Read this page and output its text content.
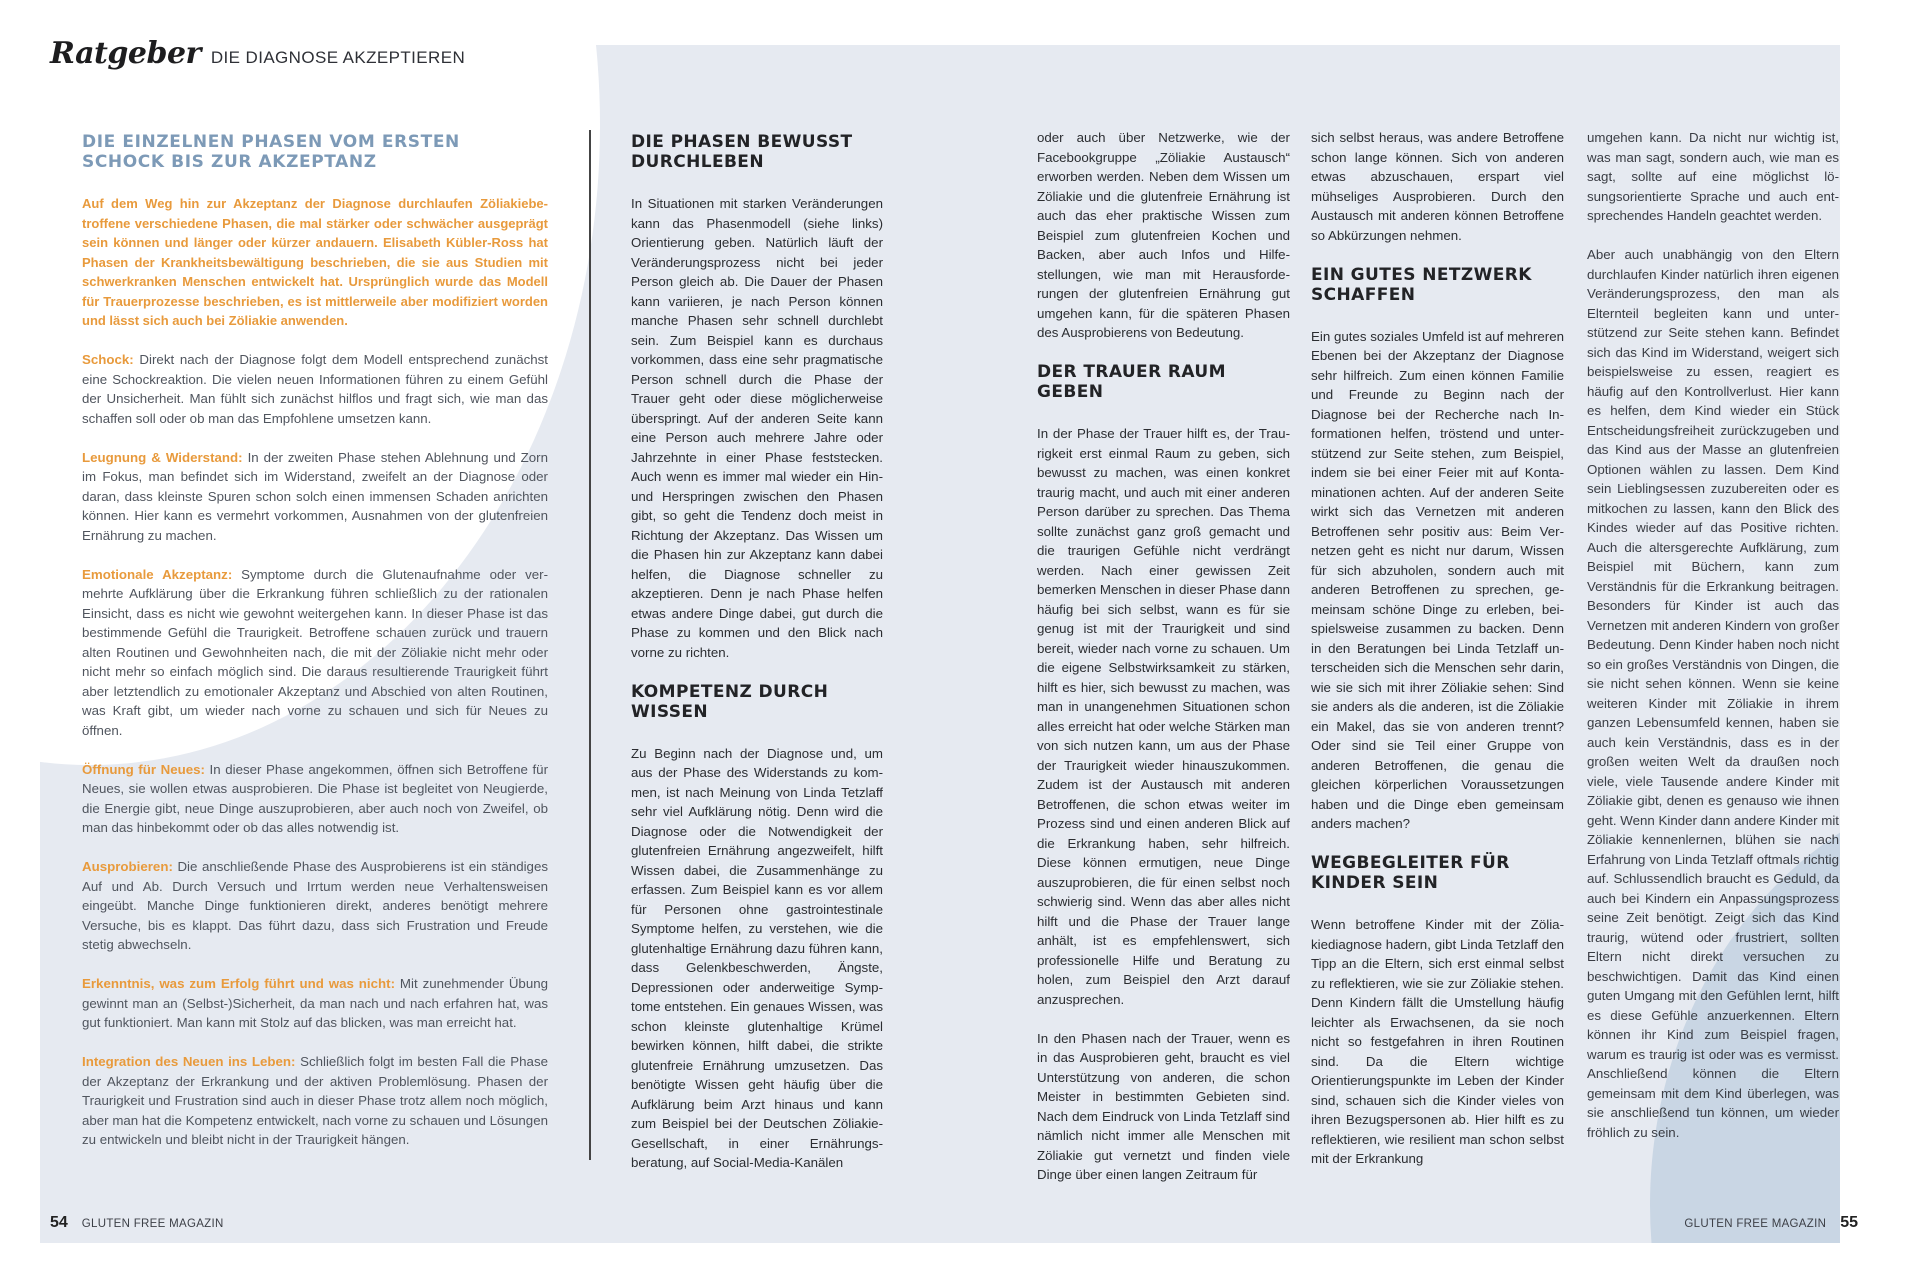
Ratgeber DIE DIAGNOSE AKZEPTIEREN
DIE EINZELNEN PHASEN VOM ERSTEN SCHOCK BIS ZUR AKZEPTANZ

Auf dem Weg hin zur Akzeptanz der Diagnose durchlaufen Zöliakiebetroffene verschiedene Phasen, die mal stärker oder schwächer ausgeprägt sein können und länger oder kürzer andauern. Elisabeth Kübler-Ross hat Phasen der Krankheitsbewältigung beschrieben, die sie aus Studien mit schwerkranken Menschen entwickelt hat. Ursprünglich wurde das Modell für Trauerprozesse beschrieben, es ist mittlerweile aber modifiziert worden und lässt sich auch bei Zöliakie anwenden.

Schock: Direkt nach der Diagnose folgt dem Modell entsprechend zunächst eine Schockreaktion. Die vielen neuen Informationen führen zu einem Gefühl der Unsicherheit. Man fühlt sich zunächst hilflos und fragt sich, wie man das schaffen soll oder ob man das Empfohlene umsetzen kann.

Leugnung & Widerstand: In der zweiten Phase stehen Ablehnung und Zorn im Fokus, man befindet sich im Widerstand, zweifelt an der Diagnose oder daran, dass kleinste Spuren schon solch einen immensen Schaden anrichten können. Hier kann es vermehrt vorkommen, Ausnahmen von der glutenfreien Ernährung zu machen.

Emotionale Akzeptanz: Symptome durch die Glutenaufnahme oder vermehrte Aufklärung über die Erkrankung führen schließlich zu der rationalen Einsicht, dass es nicht wie gewohnt weitergehen kann. In dieser Phase ist das bestimmende Gefühl die Traurigkeit. Betroffene schauen zurück und trauern alten Routinen und Gewohnheiten nach, die mit der Zöliakie nicht mehr oder nicht mehr so einfach möglich sind. Die daraus resultierende Traurigkeit führt aber letztendlich zu emotionaler Akzeptanz und Abschied von alten Routinen, was Kraft gibt, um wieder nach vorne zu schauen und sich für Neues zu öffnen.

Öffnung für Neues: In dieser Phase angekommen, öffnen sich Betroffene für Neues, sie wollen etwas ausprobieren. Die Phase ist begleitet von Neugierde, die Energie gibt, neue Dinge auszuprobieren, aber auch noch von Zweifel, ob man das hinbekommt oder ob das alles notwendig ist.

Ausprobieren: Die anschließende Phase des Ausprobierens ist ein ständiges Auf und Ab. Durch Versuch und Irrtum werden neue Verhaltensweisen eingeübt. Manche Dinge funktionieren direkt, anderes benötigt mehrere Versuche, bis es klappt. Das führt dazu, dass sich Frustration und Freude stetig abwechseln.

Erkenntnis, was zum Erfolg führt und was nicht: Mit zunehmender Übung gewinnt man an (Selbst-)Sicherheit, da man nach und nach erfahren hat, was gut funktioniert. Man kann mit Stolz auf das blicken, was man erreicht hat.

Integration des Neuen ins Leben: Schließlich folgt im besten Fall die Phase der Akzeptanz der Erkrankung und der aktiven Problemlösung. Phasen der Traurigkeit und Frustration sind auch in dieser Phase trotz allem noch möglich, aber man hat die Kompetenz entwickelt, nach vorne zu schauen und Lösungen zu entwickeln und bleibt nicht in der Traurigkeit hängen.

DIE PHASEN BEWUSST DURCHLEBEN

In Situationen mit starken Veränderungen kann das Phasenmodell (siehe links) Orientierung geben. Natürlich läuft der Veränderungsprozess nicht bei jeder Person gleich ab. Die Dauer der Phasen kann variieren, je nach Person können manche Phasen sehr schnell durchlebt sein. Zum Beispiel kann es durchaus vorkommen, dass eine sehr pragmatische Person schnell durch die Phase der Trauer geht oder diese möglicherweise überspringt. Auf der anderen Seite kann eine Person auch mehrere Jahre oder Jahrzehnte in einer Phase feststecken. Auch wenn es immer mal wieder ein Hin- und Herspringen zwischen den Phasen gibt, so geht die Tendenz doch meist in Richtung der Akzeptanz. Das Wissen um die Phasen hin zur Akzeptanz kann dabei helfen, die Diagnose schneller zu akzeptieren. Denn je nach Phase helfen etwas andere Dinge dabei, gut durch die Phase zu kommen und den Blick nach vorne zu richten.

KOMPETENZ DURCH WISSEN

Zu Beginn nach der Diagnose und, um aus der Phase des Widerstands zu kommen, ist nach Meinung von Linda Tetzlaff sehr viel Aufklärung nötig. Denn wird die Diagnose oder die Notwendigkeit der glutenfreien Ernährung angezweifelt, hilft Wissen dabei, die Zusammenhänge zu erfassen. Zum Beispiel kann es vor allem für Personen ohne gastrointestinale Symptome helfen, zu verstehen, wie die glutenhaltige Ernährung dazu führen kann, dass Gelenkbeschwerden, Ängste, Depressionen oder anderweitige Symptome entstehen. Ein genaues Wissen, was schon kleinste glutenhaltige Krümel bewirken können, hilft dabei, die strikte glutenfreie Ernährung umzusetzen. Das benötigte Wissen geht häufig über die Aufklärung beim Arzt hinaus und kann zum Beispiel bei der Deutschen Zöliakie-Gesellschaft, in einer Ernährungsberatung, auf Social-Media-Kanälen

oder auch über Netzwerke, wie der Facebookgruppe „Zöliakie Austausch“ erworben werden. Neben dem Wissen um Zöliakie und die glutenfreie Ernährung ist auch das eher praktische Wissen zum Beispiel zum glutenfreien Kochen und Backen, aber auch Infos und Hilfestellungen, wie man mit Herausforderungen der glutenfreien Ernährung gut umgehen kann, für die späteren Phasen des Ausprobierens von Bedeutung.

DER TRAUER RAUM GEBEN

In der Phase der Trauer hilft es, der Traurigkeit erst einmal Raum zu geben, sich bewusst zu machen, was einen konkret traurig macht, und auch mit einer anderen Person darüber zu sprechen. Das Thema sollte zunächst ganz groß gemacht und die traurigen Gefühle nicht verdrängt werden. Nach einer gewissen Zeit bemerken Menschen in dieser Phase dann häufig bei sich selbst, wann es für sie genug ist mit der Traurigkeit und sind bereit, wieder nach vorne zu schauen. Um die eigene Selbstwirksamkeit zu stärken, hilft es hier, sich bewusst zu machen, was man in unangenehmen Situationen schon alles erreicht hat oder welche Stärken man von sich nutzen kann, um aus der Phase der Traurigkeit wieder hinauszukommen. Zudem ist der Austausch mit anderen Betroffenen, die schon etwas weiter im Prozess sind und einen anderen Blick auf die Erkrankung haben, sehr hilfreich. Diese können ermutigen, neue Dinge auszuprobieren, die für einen selbst noch schwierig sind. Wenn das aber alles nicht hilft und die Phase der Trauer lange anhält, ist es empfehlenswert, sich professionelle Hilfe und Beratung zu holen, zum Beispiel den Arzt darauf anzusprechen.

In den Phasen nach der Trauer, wenn es in das Ausprobieren geht, braucht es viel Unterstützung von anderen, die schon Meister in bestimmten Gebieten sind. Nach dem Eindruck von Linda Tetzlaff sind nämlich nicht immer alle Menschen mit Zöliakie gut vernetzt und finden viele Dinge über einen langen Zeitraum für

sich selbst heraus, was andere Betroffene schon lange können. Sich von anderen etwas abzuschauen, erspart viel mühseliges Ausprobieren. Durch den Austausch mit anderen können Betroffene so Abkürzungen nehmen.

EIN GUTES NETZWERK SCHAFFEN

Ein gutes soziales Umfeld ist auf mehreren Ebenen bei der Akzeptanz der Diagnose sehr hilfreich. Zum einen können Familie und Freunde zu Beginn nach der Diagnose bei der Recherche nach Informationen helfen, tröstend und unterstützend zur Seite stehen, zum Beispiel, indem sie bei einer Feier mit auf Kontaminationen achten. Auf der anderen Seite wirkt sich das Vernetzen mit anderen Betroffenen sehr positiv aus: Beim Vernetzen geht es nicht nur darum, Wissen für sich abzuholen, sondern auch mit anderen Betroffenen zu sprechen, gemeinsam schöne Dinge zu erleben, beispielsweise zusammen zu backen. Denn in den Beratungen bei Linda Tetzlaff unterscheiden sich die Menschen sehr darin, wie sie sich mit ihrer Zöliakie sehen: Sind sie anders als die anderen, ist die Zöliakie ein Makel, das sie von anderen trennt? Oder sind sie Teil einer Gruppe von anderen Betroffenen, die genau die gleichen körperlichen Voraussetzungen haben und die Dinge eben gemeinsam anders machen?

WEGBEGLEITER FÜR KINDER SEIN

Wenn betroffene Kinder mit der Zöliakiediagnose hadern, gibt Linda Tetzlaff den Tipp an die Eltern, sich erst einmal selbst zu reflektieren, wie sie zur Zöliakie stehen. Denn Kindern fällt die Umstellung häufig leichter als Erwachsenen, da sie noch nicht so festgefahren in ihren Routinen sind. Da die Eltern wichtige Orientierungspunkte im Leben der Kinder sind, schauen sich die Kinder vieles von ihren Bezugspersonen ab. Hier hilft es zu reflektieren, wie resilient man schon selbst mit der Erkrankung

umgehen kann. Da nicht nur wichtig ist, was man sagt, sondern auch, wie man es sagt, sollte auf eine möglichst lösungsorientierte Sprache und auch entsprechendes Handeln geachtet werden.

Aber auch unabhängig von den Eltern durchlaufen Kinder natürlich ihren eigenen Veränderungsprozess, den man als Elternteil begleiten kann und unterstützend zur Seite stehen kann. Befindet sich das Kind im Widerstand, weigert sich beispielsweise zu essen, reagiert es häufig auf den Kontrollverlust. Hier kann es helfen, dem Kind wieder ein Stück Entscheidungsfreiheit zurückzugeben und das Kind aus der Masse an glutenfreien Optionen wählen zu lassen. Dem Kind sein Lieblingsessen zuzubereiten oder es mitkochen zu lassen, kann den Blick des Kindes wieder auf das Positive richten. Auch die altersgerechte Aufklärung, zum Beispiel mit Büchern, kann zum Verständnis für die Erkrankung beitragen. Besonders für Kinder ist auch das Vernetzen mit anderen Kindern von großer Bedeutung. Denn Kinder haben noch nicht so ein großes Verständnis von Dingen, die sie nicht sehen können. Wenn sie keine weiteren Kinder mit Zöliakie in ihrem ganzen Lebensumfeld kennen, haben sie auch kein Verständnis, dass es in der großen weiten Welt da draußen noch viele, viele Tausende andere Kinder mit Zöliakie gibt, denen es genauso wie ihnen geht. Wenn Kinder dann andere Kinder mit Zöliakie kennenlernen, blühen sie nach Erfahrung von Linda Tetzlaff oftmals richtig auf. Schlussendlich braucht es Geduld, da auch bei Kindern ein Anpassungsprozess seine Zeit benötigt. Zeigt sich das Kind traurig, wütend oder frustriert, sollten Eltern nicht direkt versuchen zu beschwichtigen. Damit das Kind einen guten Umgang mit den Gefühlen lernt, hilft es diese Gefühle anzuerkennen. Eltern können ihr Kind zum Beispiel fragen, warum es traurig ist oder was es vermisst. Anschließend können die Eltern gemeinsam mit dem Kind überlegen, was sie anschließend tun können, um wieder fröhlich zu sein.

54 GLUTEN FREE MAGAZIN	GLUTEN FREE MAGAZIN 55
